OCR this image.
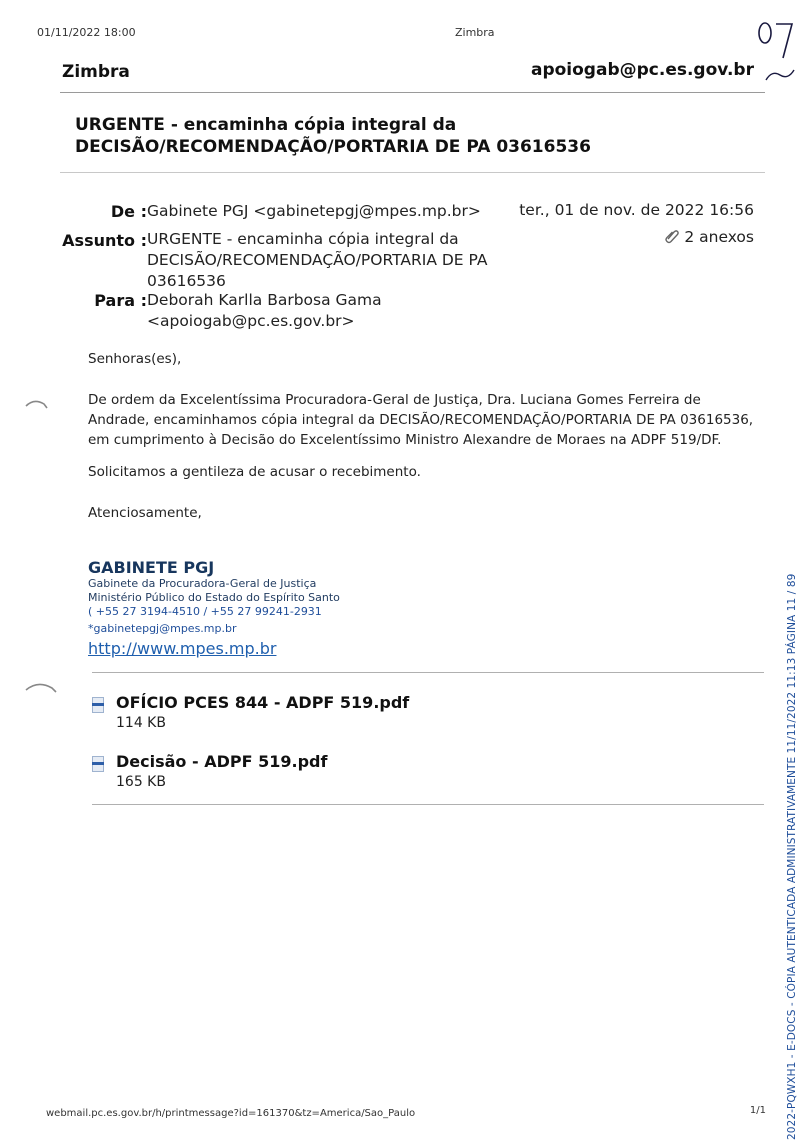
01/11/2022 18:00	Zimbra
Zimbra	apoiogab@pc.es.gov.br
URGENTE - encaminha cópia integral da DECISÃO/RECOMENDAÇÃO/PORTARIA DE PA 03616536
De : Gabinete PGJ <gabinetepgj@mpes.mp.br> ter., 01 de nov. de 2022 16:56
Assunto : URGENTE - encaminha cópia integral da DECISÃO/RECOMENDAÇÃO/PORTARIA DE PA 03616536
2 anexos
Para : Deborah Karlla Barbosa Gama <apoiogab@pc.es.gov.br>
Senhoras(es),
De ordem da Excelentíssima Procuradora-Geral de Justiça, Dra. Luciana Gomes Ferreira de Andrade, encaminhamos cópia integral da DECISÃO/RECOMENDAÇÃO/PORTARIA DE PA 03616536, em cumprimento à Decisão do Excelentíssimo Ministro Alexandre de Moraes na ADPF 519/DF.
Solicitamos a gentileza de acusar o recebimento.
Atenciosamente,
GABINETE PGJ
Gabinete da Procuradora-Geral de Justiça
Ministério Público do Estado do Espírito Santo
( +55 27 3194-4510 / +55 27 99241-2931
*gabinetepgj@mpes.mp.br
http://www.mpes.mp.br
OFÍCIO PCES 844 - ADPF 519.pdf
114 KB
Decisão - ADPF 519.pdf
165 KB	2022-PQWXH1 - E-DOCS - CÓPIA AUTENTICADA ADMINISTRATIVAMENTE 11/11/2022 11:13 PÁGINA 11 / 89
webmail.pc.es.gov.br/h/printmessage?id=161370&tz=America/Sao_Paulo	1/1
